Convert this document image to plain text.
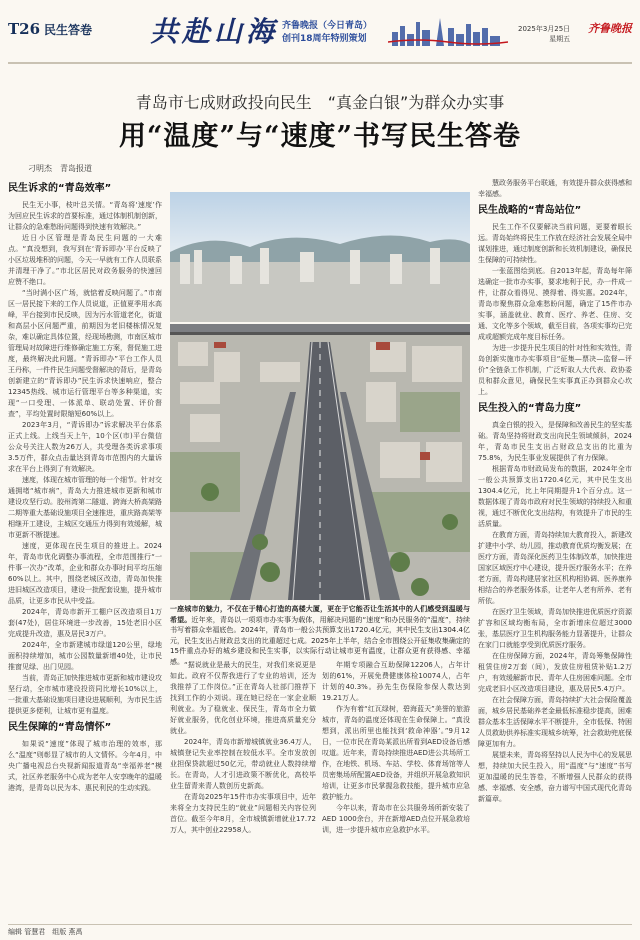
T26 民生答卷 共赴山海 齐鲁晚报（今日青岛）
创刊18周年特别策划
2025年3月25日
星期五
齐鲁晚报
青岛市七成财政投向民生　“真金白银”为群众办实事
用“温度”与“速度”书写民生答卷
刁明杰　青岛报道
民生诉求的“青岛效率”

民生无小事，枝叶总关情。“青岛将‘速度’作为回应民生诉求的首要标准，通过体制机制创新，让群众的急难愁盼问题得到快速有效解决。”

近日小区管理是青岛民生问题的一大难点。“真没想到，我写到在‘青诉即办’平台反映了小区垃圾堆积的问题，今天一早就有工作人员联系并清理干净了。”市北区居民对政务服务的快速回应赞不绝口。

“当时满小区广场，就惦着反映问题了。”市南区一居民接下来的工作人员说道，正值夏季用水高峰，平台接到市民反映，因为污水管道老化，街道和高层小区问题严重，前期因为老旧楼栋情况复杂，难以确定具体位置，经现场勘测，市南区城市管理局对故障进行维修确定施工方案，督促施工进度，最终解决此问题。“青诉即办”平台工作人员王丹称，一件件民生问题受督解决的背后，是青岛创新建立的“青诉即办”民生诉求快速响应，整合12345热线、城市运行管理平台等多种渠道，实现“一口受理、一体派单、联动处置、评价督查”，平均处置时限缩短60%以上。

2023年3月，“青诉即办”诉求解决平台体系正式上线。上线当天上午，10个区(市)平台微信公众号关注人数为26万人，共受理各类诉求事项3.5万件，群众点击量达到青岛市范围内的大量诉求在平台上得到了有效解决。

速度，体现在城市管理的每一个细节。针对交通拥堵“城市病”，青岛大力推进城市更新和城市建设攻坚行动。胶州湾第二隧道、跨海大桥高架路二期等重大基础设施项目全速推进，重庆路高架等相继开工建设，主城区交通压力得到有效缓解，城市更新不断提速。

速度，更体现在民生项目的推进上。2024年，青岛市优化调整办事流程，全市范围推行“一件事一次办”改革，企业和群众办事时间平均压缩60%以上。其中，围绕老城区改造，青岛加快推进旧城区改造项目，建设一批配套设施，提升城市品质，让更多市民从中受益。

2024年，青岛市新开工棚户区改造项目1万套(47处)，居住环境进一步改善，15处老旧小区完成提升改造，惠及居民3万户。

2024年，全市新建城市绿道120公里，绿地面积持续增加，城市公园数量新增40处，让市民推窗见绿、出门见园。

当前，青岛正加快推进城市更新和城市建设攻坚行动，全市城市建设投资同比增长10%以上，一批重大基础设施项目建设进展顺利，为市民生活提供更多便利，让城市更有温度。

民生保障的“青岛情怀”

如果说“速度”体现了城市治理的效率，那么“温度”则彰显了城市的人文情怀。今年4月，中央广播电视总台央视新闻报道青岛“幸福养老”模式，社区养老服务中心成为老年人安享晚年的温暖港湾，是青岛以民为本、惠民利民的生动实践。

“据说就业是最大的民生，对我们来说更是如此。政府不仅帮我进行了专业的培训，还为我推荐了工作岗位。”正在青岛人社部门推荐下找到工作的小刘说。现在她已经在一家企业顺利就业。为了稳就业、保民生，青岛市全力做好就业服务，优化创业环境，推进高质量充分就业。

2024年，青岛市新增城镇就业36.4万人，城镇登记失业率控制在较低水平。全市发放创业担保贷款超过50亿元，带动就业人数持续增长。在青岛，人才引进政策不断优化，高校毕业生留青来青人数创历史新高。

在青岛2025年15件市办实事项目中，近年来将全力支持民生的“就业”问题相关内容位列首位。截至今年8月，全市城镇新增就业17.72万人，其中创业22958人。

年期专项融合互助保障12206人，占年计划的61%，开展免费健康体检10074人，占年计划的40.3%。孙先生伤保险参保人数达到19.21万人。

作为有着“红瓦绿树，碧海蓝天”美誉的旅游城市，青岛的温度还体现在生命保障上。“真没想到，派出所里也能找到‘救命神器’。”9月12日，一位市民在青岛某派出所看到AED设备后感叹道。近年来，青岛持续推进AED进公共场所工作，在地铁、机场、车站、学校、体育场馆等人员密集场所配置AED设备，并组织开展急救知识培训，让更多市民掌握急救技能，提升城市应急救护能力。

今年以来，青岛市在公共服务场所新安装了AED 1000余台，并在新增AED点位开展急救培训，进一步提升城市应急救护水平。

慧政务服务平台联通，有效提升群众获得感和幸福感。

民生战略的“青岛站位”

民生工作不仅要解决当前问题，更要着眼长远。青岛始终将民生工作放在经济社会发展全局中谋划推进，通过制度创新和长效机制建设，确保民生保障的可持续性。

一张蓝图绘到底。自2013年起，青岛每年筛选确定一批市办实事，要求地利于民，办一件成一件，让群众看得见、摸得着、得实惠。2024年，青岛市聚焦群众急难愁盼问题，确定了15件市办实事，涵盖就业、教育、医疗、养老、住房、交通、文化等多个领域，截至目前，各项实事均已完成或超额完成年度目标任务。

为进一步提升民生项目的针对性和实效性，青岛创新实施市办实事项目“征集—票决—监督—评价”全链条工作机制，广泛听取人大代表、政协委员和群众意见，确保民生实事真正办到群众心坎上。

民生投入的“青岛力度”

真金白银的投入，是保障和改善民生的坚实基础。青岛坚持将财政支出向民生领域倾斜，2024年，青岛市民生支出占财政总支出的比重为75.8%，为民生事业发展提供了有力保障。

根据青岛市财政局发布的数据，2024年全市一般公共预算支出1720.4亿元，其中民生支出1304.4亿元，比上年同期提升1个百分点。这一数据体现了青岛市政府对民生领域的持续投入和重视，通过不断优化支出结构，有效提升了市民的生活质量。

在教育方面，青岛持续加大教育投入，新建改扩建中小学、幼儿园，推动教育优质均衡发展；在医疗方面，青岛深化医药卫生体制改革，加快推进国家区域医疗中心建设，提升医疗服务水平；在养老方面，青岛构建居家社区机构相协调、医养康养相结合的养老服务体系，让老年人老有所养、老有所依。

在医疗卫生领域，青岛加快推进优质医疗资源扩容和区域均衡布局，全市新增床位超过3000张，基层医疗卫生机构服务能力显著提升，让群众在家门口就能享受到优质医疗服务。

在住房保障方面，2024年，青岛筹集保障性租赁住房2万套（间），发放住房租赁补贴1.2万户，有效缓解新市民、青年人住房困难问题。全市完成老旧小区改造项目建设，惠及居民5.4万户。

在社会保障方面，青岛持续扩大社会保险覆盖面，城乡居民基础养老金最低标准稳步提高，困难群众基本生活保障水平不断提升，全市低保、特困人员救助供养标准实现城乡统筹，社会救助兜底保障更加有力。

展望未来，青岛将坚持以人民为中心的发展思想，持续加大民生投入，用“温度”与“速度”书写更加温暖的民生答卷，不断增强人民群众的获得感、幸福感、安全感，奋力谱写中国式现代化青岛新篇章。

一座城市的魅力，不仅在于精心打造的高楼大厦，更在于它能否让生活其中的人们感受到温暖与希望。近年来，青岛以一项项市办实事为载体，用解决问题的“速度”和办民服务的“温度”，持续书写着群众幸福底色。2024年，青岛市一般公共预算支出1720.4亿元，其中民生支出1304.4亿元，民生支出占财政总支出的比重超过七成。2025年上半年，结合全市围绕公开征集收集确定的15件重点办好的城乡建设和民生实事，以实际行动让城市更有温度，让群众更有获得感、幸福感。
编辑 管慧君　组版 燕禹
